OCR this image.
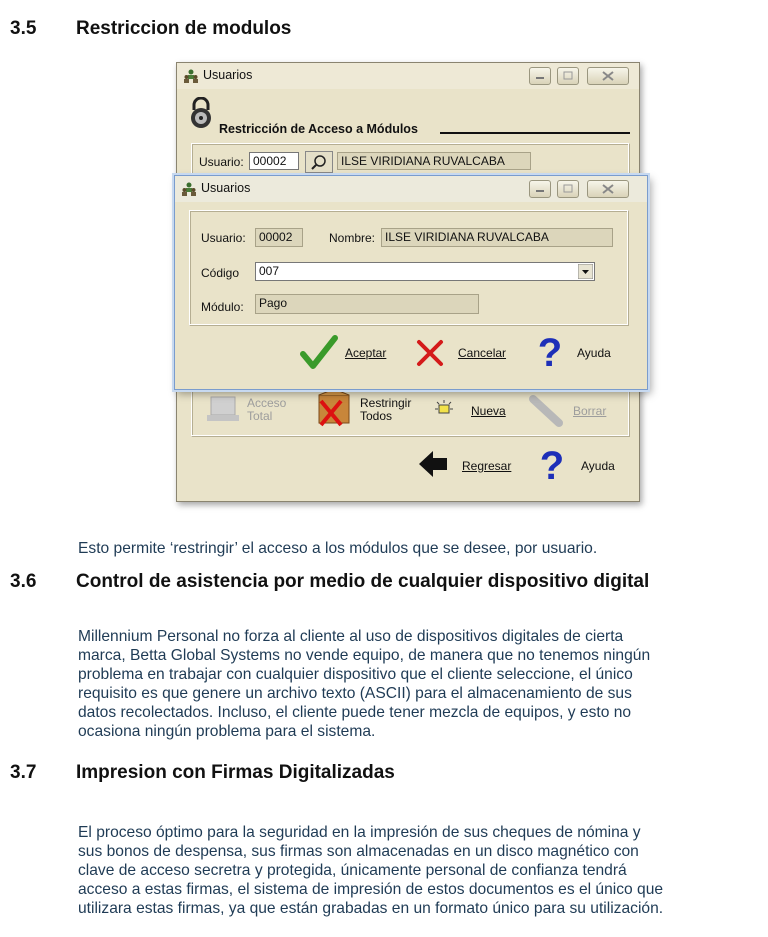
3.5 Restriccion de modulos
Usuarios
Restricción de Acceso a Módulos
Usuario: 00002	ILSE VIRIDIANA RUVALCABA
Acceso
Total
Restringir
Todos	Nueva	Borrar
Regresar ? Ayuda
Usuarios
Usuario:	00002	Nombre: ILSE VIRIDIANA RUVALCABA
Código	007
Módulo:	Pago
Aceptar	Cancelar ? Ayuda

Esto permite ‘restringir’ el acceso a los módulos que se desee, por usuario.

3.6 Control de asistencia por medio de cualquier dispositivo digital

Millennium Personal no forza al cliente al uso de dispositivos digitales de cierta

marca, Betta Global Systems no vende equipo, de manera que no tenemos ningún

problema en trabajar con cualquier dispositivo que el cliente seleccione, el único

requisito es que genere un archivo texto (ASCII) para el almacenamiento de sus

datos recolectados. Incluso, el cliente puede tener mezcla de equipos, y esto no

ocasiona ningún problema para el sistema.

3.7 Impresion con Firmas Digitalizadas

El proceso óptimo para la seguridad en la impresión de sus cheques de nómina y

sus bonos de despensa, sus firmas son almacenadas en un disco magnético con

clave de acceso secretra y protegida, únicamente personal de confianza tendrá

acceso a estas firmas, el sistema de impresión de estos documentos es el único que

utilizara estas firmas, ya que están grabadas en un formato único para su utilización.
